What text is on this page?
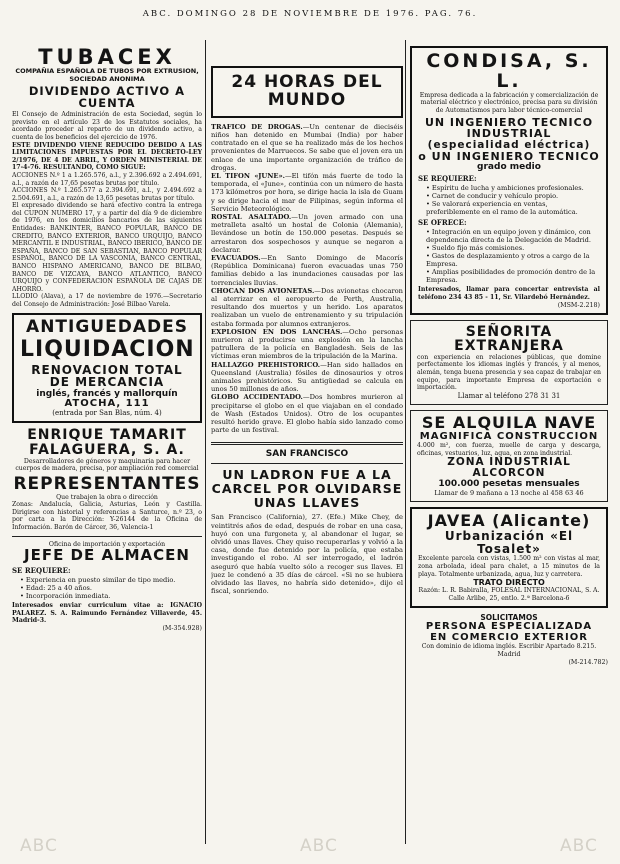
ABC. DOMINGO 28 DE NOVIEMBRE DE 1976. PAG. 76.
TUBACEX
COMPAÑIA ESPAÑOLA DE TUBOS POR EXTRUSION, SOCIEDAD ANONIMA
DIVIDENDO ACTIVO A CUENTA
El Consejo de Administración de esta Sociedad, según lo previsto en el artículo 23 de los Estatutos sociales, ha acordado proceder al reparto de un dividendo activo, a cuenta de los beneficios del ejercicio de 1976.
ESTE DIVIDENDO VIENE REDUCIDO DEBIDO A LAS LIMITACIONES IMPUESTAS POR EL DECRETO-LEY 2/1976, DE 4 DE ABRIL, Y ORDEN MINISTERIAL DE 17-4-76. RESULTANDO, COMO SIGUE:
ACCIONES N.º 1 a 1.265.576, a.l., y 2.396.692 a 2.494.691, a.l., a razón de 17,65 pesetas brutas por título.
ACCIONES N.º 1.265.577 a 2.394.691, a.l., y 2.494.692 a 2.504.691, a.l., a razón de 13,65 pesetas brutas por título.
El expresado dividendo se hará efectivo contra la entrega del CUPON NUMERO 17, y a partir del día 9 de diciembre de 1976, en los domicilios bancarios de las siguientes Entidades: BANKINTER, BANCO POPULAR, BANCO DE CREDITO, BANCO EXTERIOR, BANCO URQUIJO, BANCO MERCANTIL E INDUSTRIAL, BANCO IBERICO, BANCO DE ESPAÑA, BANCO DE SAN SEBASTIAN, BANCO POPULAR ESPAÑOL, BANCO DE LA VASCONIA, BANCO CENTRAL, BANCO HISPANO AMERICANO, BANCO DE BILBAO, BANCO DE VIZCAYA, BANCO ATLANTICO, BANCO URQUIJO y CONFEDERACION ESPAÑOLA DE CAJAS DE AHORRO.
LLODIO (Alava), a 17 de noviembre de 1976.—Secretario del Consejo de Administración: José Bilbao Varela.
ANTIGUEDADES
LIQUIDACION
RENOVACION TOTAL
DE MERCANCIA
inglés, francés y mallorquín
ATOCHA, 111
(entrada por San Blas, núm. 4)
ENRIQUE TAMARIT FALAGUERA, S. A.
Desarrolladores de géneros y maquinaria para hacer cuerpos de madera, precisa, por ampliación red comercial
REPRESENTANTES
Que trabajen la obra o dirección
Zonas: Andalucía, Galicia, Asturias, León y Castilla. Dirigirse con historial y referencias a Santurce, n.º 23, o por carta a la Dirección: Y-26144 de la Oficina de Información. Barón de Cárcer, 36, Valencia-1
Oficina de importación y exportación
JEFE DE ALMACEN
SE REQUIERE:
• Experiencia en puesto similar de tipo medio.
• Edad: 25 a 40 años.
• Incorporación inmediata.
Interesados enviar curriculum vitae a: IGNACIO PALAREZ. S. A. Raimundo Fernández Villaverde, 45. Madrid-3.
(M-354.928)
24 HORAS DEL MUNDO
TRAFICO DE DROGAS.—Un centenar de dieciséis niños han detenido en Mumbai (India) por haber contratado en el que se ha realizado más de los hechos provenientes de Marruecos. Se sabe que el joven era un enlace de una importante organización de tráfico de drogas.
EL TIFON «JUNE».—El tifón más fuerte de todo la temporada, el «June», continúa con un número de hasta 173 kilómetros por hora, se dirige hacia la isla de Guam y se dirige hacia el mar de Filipinas, según informa el Servicio Meteorológico.
ROSTAL ASALTADO.—Un joven armado con una metralleta asaltó un hostal de Colonia (Alemania), llevándose un botín de 150.000 pesetas. Después se arrestaron dos sospechosos y aunque se negaron a declarar.
EVACUADOS.—En Santo Domingo de Macorís (República Dominicana) fueron evacuadas unas 750 familias debido a las inundaciones causadas por las torrenciales lluvias.
CHOCAN DOS AVIONETAS.—Dos avionetas chocaron al aterrizar en el aeropuerto de Perth, Australia, resultando dos muertos y un herido. Los aparatos realizaban un vuelo de entrenamiento y su tripulación estaba formada por alumnos extranjeros.
EXPLOSION EN DOS LANCHAS.—Ocho personas murieron al producirse una explosión en la lancha patrullera de la policía en Bangladesh. Seis de las víctimas eran miembros de la tripulación de la Marina.
HALLAZGO PREHISTORICO.—Han sido hallados en Queensland (Australia) fósiles de dinosaurios y otros animales prehistóricos. Su antigüedad se calcula en unos 50 millones de años.
GLOBO ACCIDENTADO.—Dos hombres murieron al precipitarse el globo en el que viajaban en el condado de Wash (Estados Unidos). Otro de los ocupantes resultó herido grave. El globo había sido lanzado como parte de un festival.
SAN FRANCISCO
UN LADRON FUE A LA CARCEL POR OLVIDARSE UNAS LLAVES
San Francisco (California), 27. (Efe.) Mike Chey, de veintitrés años de edad, después de robar en una casa, huyó con una furgoneta y, al abandonar el lugar, se olvidó unas llaves. Chey quiso recuperarlas y volvió a la casa, donde fue detenido por la policía, que estaba investigando el robo. Al ser interrogado, el ladrón aseguró que había vuelto sólo a recoger sus llaves. El juez le condenó a 35 días de cárcel. «Si no se hubiera olvidado las llaves, no habría sido detenido», dijo el fiscal, sonriendo.
CONDISA, S. L.
Empresa dedicada a la fabricación y comercialización de material eléctrico y electrónico, precisa para su división de Automatismos para labor técnico-comercial
UN INGENIERO TECNICO INDUSTRIAL
(especialidad eléctrica)
o UN INGENIERO TECNICO
grado medio
SE REQUIERE:
• Espíritu de lucha y ambiciones profesionales.
• Carnet de conducir y vehículo propio.
• Se valorará experiencia en ventas, preferiblemente en el ramo de la automática.
SE OFRECE:
• Integración en un equipo joven y dinámico, con dependencia directa de la Delegación de Madrid.
• Sueldo fijo más comisiones.
• Gastos de desplazamiento y otros a cargo de la Empresa.
• Amplias posibilidades de promoción dentro de la Empresa.
Interesados, llamar para concertar entrevista al teléfono 234 43 85 - 11, Sr. Vilardebó Hernández.
(MSM-2.218)
SEÑORITA EXTRANJERA
con experiencia en relaciones públicas, que domine perfectamente los idiomas inglés y francés, y al menos, alemán, tenga buena presencia y sea capaz de trabajar en equipo, para importante Empresa de exportación e importación.
Llamar al teléfono 278 31 31
SE ALQUILA NAVE
MAGNIFICA CONSTRUCCION
4.000 m², con fuerza, muelle de carga y descarga, oficinas, vestuarios, luz, agua, en zona industrial.
ZONA INDUSTRIAL ALCORCON
100.000 pesetas mensuales
Llamar de 9 mañana a 13 noche al 458 63 46
JAVEA (Alicante)
Urbanización «El Tosalet»
Excelente parcela con vistas, 1.500 m² con vistas al mar, zona arbolada, ideal para chalet, a 15 minutos de la playa. Totalmente urbanizada, agua, luz y carretera.
TRATO DIRECTO
Razón: L. R. Babiralla, FOLESAL INTERNACIONAL, S. A. Calle Arlibe, 25, entlo. 2.ª Barcelona-6
SOLICITAMOS
PERSONA ESPECIALIZADA
EN COMERCIO EXTERIOR
Con dominio de idioma inglés. Escribir Apartado 8.215. Madrid
(M-214.782)
ABC	ABC	ABC
